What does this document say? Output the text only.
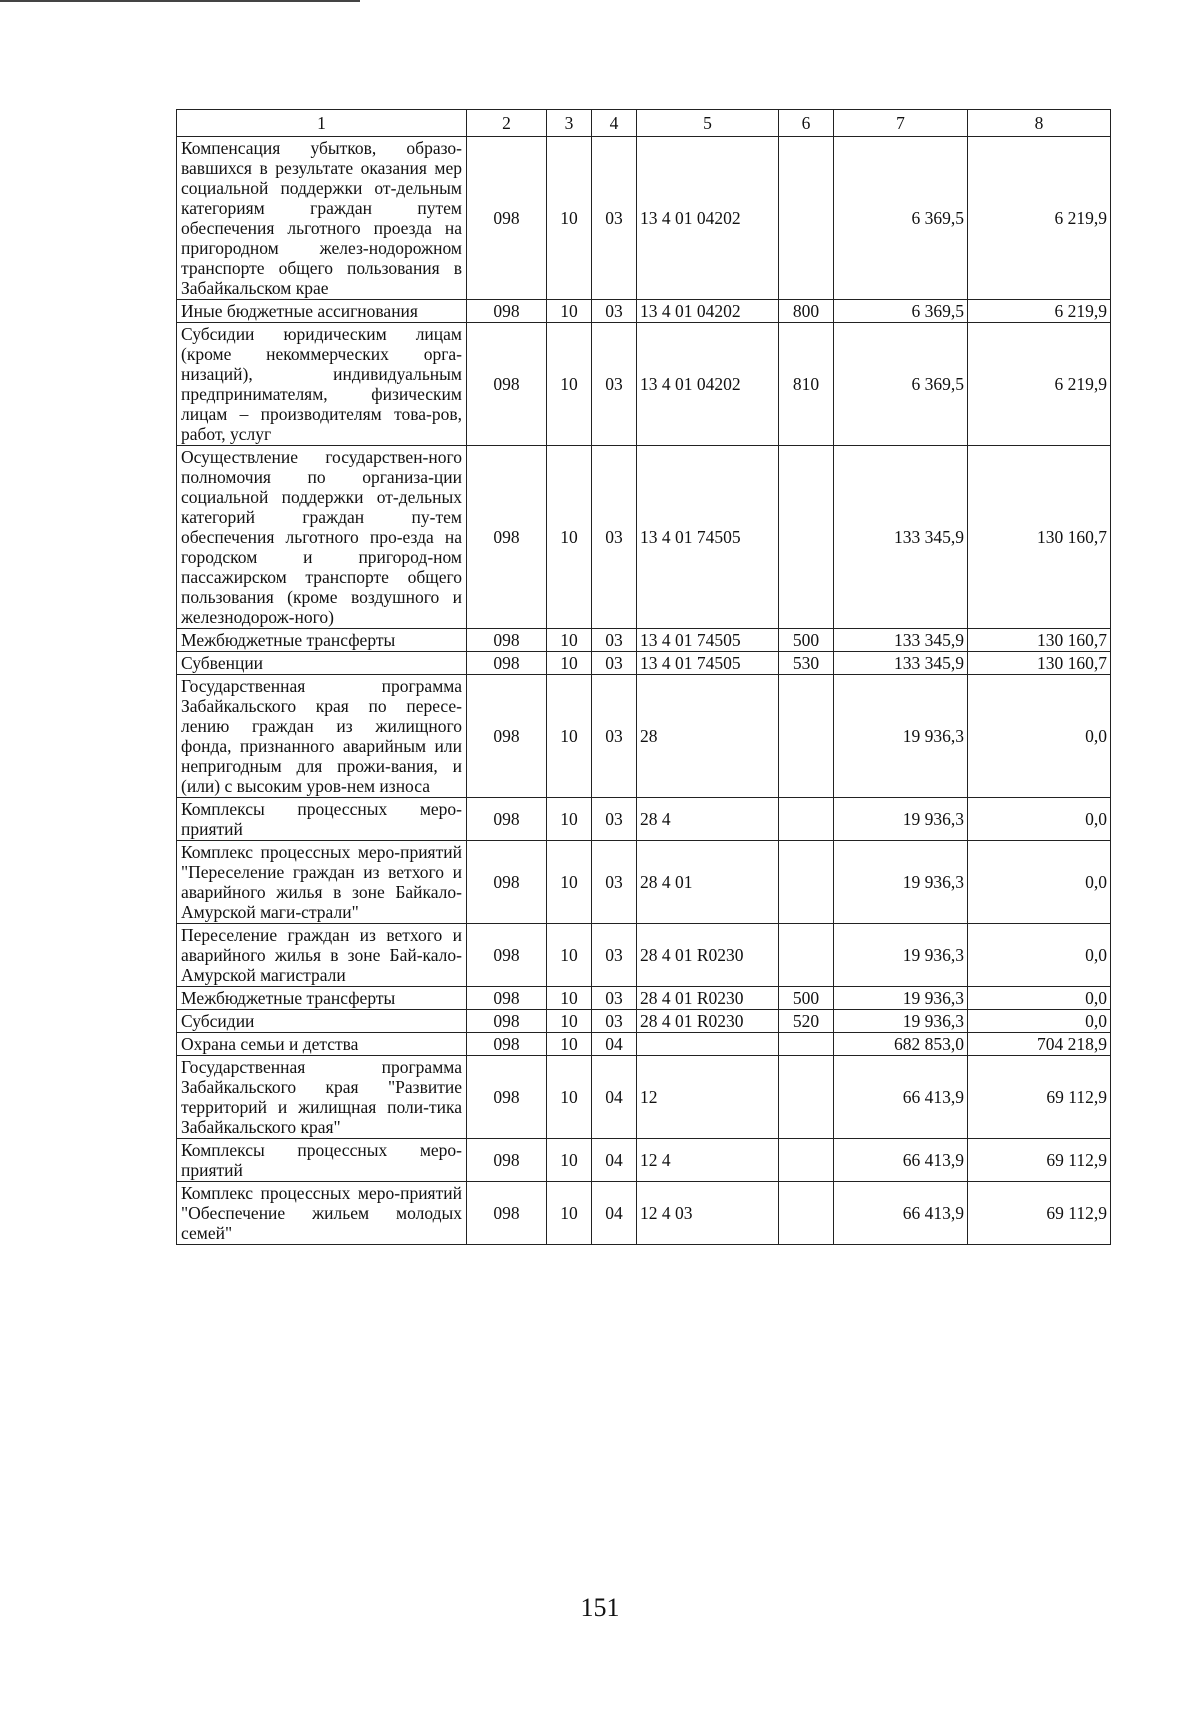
1	2	3	4	5	6	7	8
Компенсация убытков, образо-вавшихся в результате оказания мер социальной поддержки от-дельным категориям граждан путем обеспечения льготного проезда на пригородном желез-нодорожном транспорте общего пользования в Забайкальском крае	098	10	03	13 4 01 04202		6 369,5	6 219,9
Иные бюджетные ассигнования	098	10	03	13 4 01 04202	800	6 369,5	6 219,9
Субсидии юридическим лицам (кроме некоммерческих орга-низаций), индивидуальным предпринимателям, физическим лицам – производителям това-ров, работ, услуг	098	10	03	13 4 01 04202	810	6 369,5	6 219,9
Осуществление государствен-ного полномочия по организа-ции социальной поддержки от-дельных категорий граждан пу-тем обеспечения льготного про-езда на городском и пригород-ном пассажирском транспорте общего пользования (кроме воздушного и железнодорож-ного)	098	10	03	13 4 01 74505		133 345,9	130 160,7
Межбюджетные трансферты	098	10	03	13 4 01 74505	500	133 345,9	130 160,7
Субвенции	098	10	03	13 4 01 74505	530	133 345,9	130 160,7
Государственная программа Забайкальского края по пересе-лению граждан из жилищного фонда, признанного аварийным или непригодным для прожи-вания, и (или) с высоким уров-нем износа	098	10	03	28		19 936,3	0,0
Комплексы процессных меро-приятий	098	10	03	28 4		19 936,3	0,0
Комплекс процессных меро-приятий "Переселение граждан из ветхого и аварийного жилья в зоне Байкало-Амурской маги-страли"	098	10	03	28 4 01		19 936,3	0,0
Переселение граждан из ветхого и аварийного жилья в зоне Бай-кало-Амурской магистрали	098	10	03	28 4 01 R0230		19 936,3	0,0
Межбюджетные трансферты	098	10	03	28 4 01 R0230	500	19 936,3	0,0
Субсидии	098	10	03	28 4 01 R0230	520	19 936,3	0,0
Охрана семьи и детства	098	10	04			682 853,0	704 218,9
Государственная программа Забайкальского края "Развитие территорий и жилищная поли-тика Забайкальского края"	098	10	04	12		66 413,9	69 112,9
Комплексы процессных меро-приятий	098	10	04	12 4		66 413,9	69 112,9
Комплекс процессных меро-приятий "Обеспечение жильем молодых семей"	098	10	04	12 4 03		66 413,9	69 112,9
151
